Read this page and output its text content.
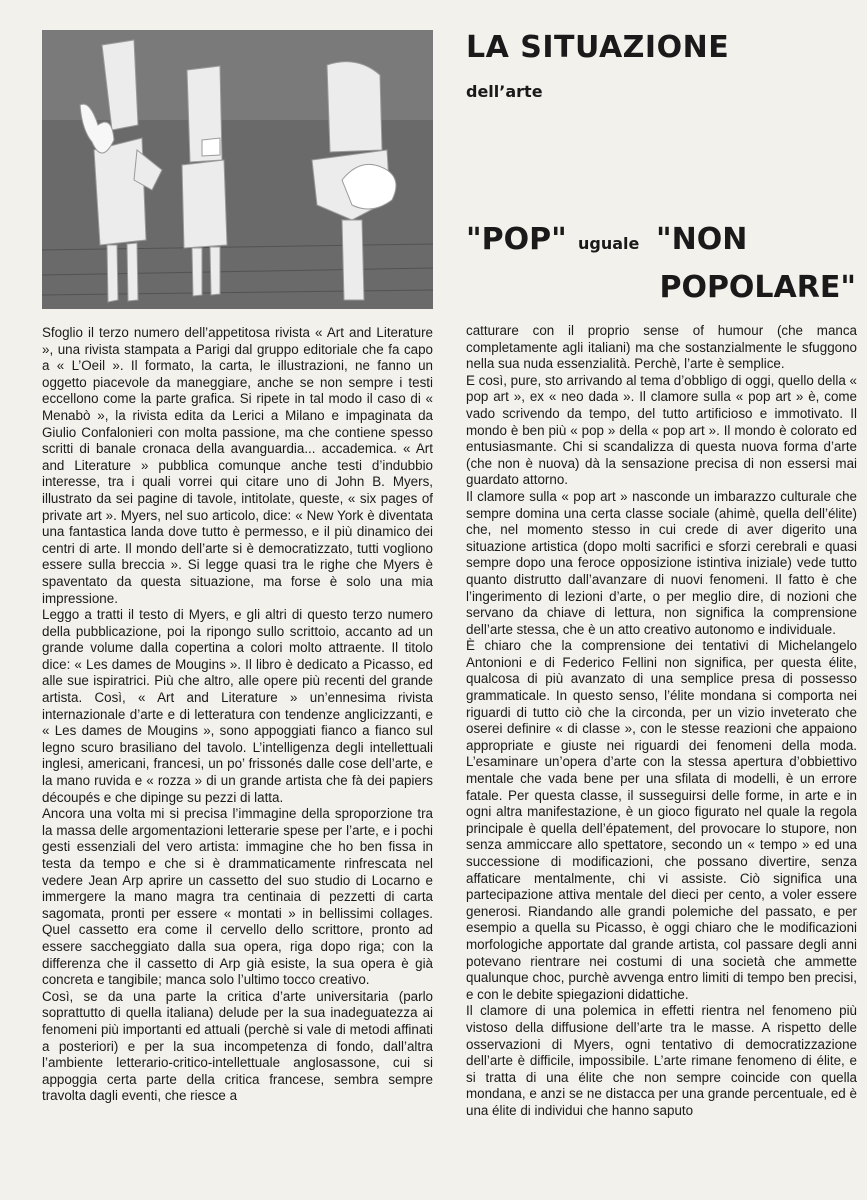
LA SITUAZIONE
dell’arte
"POP" uguale "NON
POPOLARE"

Sfoglio il terzo numero dell’appetitosa rivista « Art and Literature », una rivista stampata a Parigi dal gruppo editoriale che fa capo a « L’Oeil ». Il formato, la carta, le illustrazioni, ne fanno un oggetto piacevole da maneggiare, anche se non sempre i testi eccellono come la parte grafica. Si ripete in tal modo il caso di « Menabò », la rivista edita da Lerici a Milano e impaginata da Giulio Confalonieri con molta passione, ma che contiene spesso scritti di banale cronaca della avanguardia... accademica. « Art and Literature » pubblica comunque anche testi d’indubbio interesse, tra i quali vorrei qui citare uno di John B. Myers, illustrato da sei pagine di tavole, intitolate, queste, « six pages of private art ». Myers, nel suo articolo, dice: « New York è diventata una fantastica landa dove tutto è permesso, e il più dinamico dei centri di arte. Il mondo dell’arte si è democratizzato, tutti vogliono essere sulla breccia ». Si legge quasi tra le righe che Myers è spaventato da questa situazione, ma forse è solo una mia impressione.

Leggo a tratti il testo di Myers, e gli altri di questo terzo numero della pubblicazione, poi la ripongo sullo scrittoio, accanto ad un grande volume dalla copertina a colori molto attraente. Il titolo dice: « Les dames de Mougins ». Il libro è dedicato a Picasso, ed alle sue ispiratrici. Più che altro, alle opere più recenti del grande artista. Così, « Art and Literature » un’ennesima rivista internazionale d’arte e di letteratura con tendenze anglicizzanti, e « Les dames de Mougins », sono appoggiati fianco a fianco sul legno scuro brasiliano del tavolo. L’intelligenza degli intellettuali inglesi, americani, francesi, un po’ frissonés dalle cose dell’arte, e la mano ruvida e « rozza » di un grande artista che fà dei papiers découpés e che dipinge su pezzi di latta.

Ancora una volta mi si precisa l’immagine della sproporzione tra la massa delle argomentazioni letterarie spese per l’arte, e i pochi gesti essenziali del vero artista: immagine che ho ben fissa in testa da tempo e che si è drammaticamente rinfrescata nel vedere Jean Arp aprire un cassetto del suo studio di Locarno e immergere la mano magra tra centinaia di pezzetti di carta sagomata, pronti per essere « montati » in bellissimi collages. Quel cassetto era come il cervello dello scrittore, pronto ad essere saccheggiato dalla sua opera, riga dopo riga; con la differenza che il cassetto di Arp già esiste, la sua opera è già concreta e tangibile; manca solo l’ultimo tocco creativo.

Così, se da una parte la critica d’arte universitaria (parlo soprattutto di quella italiana) delude per la sua inadeguatezza ai fenomeni più importanti ed attuali (perchè si vale di metodi affinati a posteriori) e per la sua incompetenza di fondo, dall’altra l’ambiente letterario-critico-intellettuale anglosassone, cui si appoggia certa parte della critica francese, sembra sempre travolta dagli eventi, che riesce a

catturare con il proprio sense of humour (che manca completamente agli italiani) ma che sostanzialmente le sfuggono nella sua nuda essenzialità. Perchè, l’arte è semplice.

E così, pure, sto arrivando al tema d’obbligo di oggi, quello della « pop art », ex « neo dada ». Il clamore sulla « pop art » è, come vado scrivendo da tempo, del tutto artificioso e immotivato. Il mondo è ben più « pop » della « pop art ». Il mondo è colorato ed entusiasmante. Chi si scandalizza di questa nuova forma d’arte (che non è nuova) dà la sensazione precisa di non essersi mai guardato attorno.

Il clamore sulla « pop art » nasconde un imbarazzo culturale che sempre domina una certa classe sociale (ahimè, quella dell’élite) che, nel momento stesso in cui crede di aver digerito una situazione artistica (dopo molti sacrifici e sforzi cerebrali e quasi sempre dopo una feroce opposizione istintiva iniziale) vede tutto quanto distrutto dall’avanzare di nuovi fenomeni. Il fatto è che l’ingerimento di lezioni d’arte, o per meglio dire, di nozioni che servano da chiave di lettura, non significa la comprensione dell’arte stessa, che è un atto creativo autonomo e individuale.

È chiaro che la comprensione dei tentativi di Michelangelo Antonioni e di Federico Fellini non significa, per questa élite, qualcosa di più avanzato di una semplice presa di possesso grammaticale. In questo senso, l’élite mondana si comporta nei riguardi di tutto ciò che la circonda, per un vizio inveterato che oserei definire « di classe », con le stesse reazioni che appaiono appropriate e giuste nei riguardi dei fenomeni della moda. L’esaminare un’opera d’arte con la stessa apertura d’obbiettivo mentale che vada bene per una sfilata di modelli, è un errore fatale. Per questa classe, il susseguirsi delle forme, in arte e in ogni altra manifestazione, è un gioco figurato nel quale la regola principale è quella dell’épatement, del provocare lo stupore, non senza ammiccare allo spettatore, secondo un « tempo » ed una successione di modificazioni, che possano divertire, senza affaticare mentalmente, chi vi assiste. Ciò significa una partecipazione attiva mentale del dieci per cento, a voler essere generosi. Riandando alle grandi polemiche del passato, e per esempio a quella su Picasso, è oggi chiaro che le modificazioni morfologiche apportate dal grande artista, col passare degli anni potevano rientrare nei costumi di una società che ammette qualunque choc, purchè avvenga entro limiti di tempo ben precisi, e con le debite spiegazioni didattiche.

Il clamore di una polemica in effetti rientra nel fenomeno più vistoso della diffusione dell’arte tra le masse. A rispetto delle osservazioni di Myers, ogni tentativo di democratizzazione dell’arte è difficile, impossibile. L’arte rimane fenomeno di élite, e si tratta di una élite che non sempre coincide con quella mondana, e anzi se ne distacca per una grande percentuale, ed è una élite di individui che hanno saputo
